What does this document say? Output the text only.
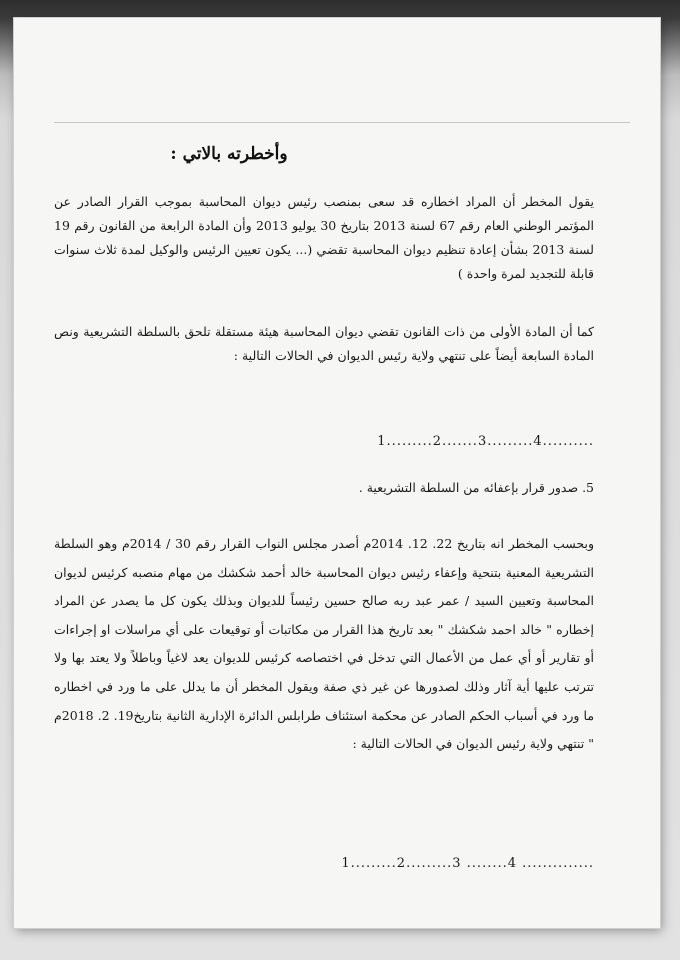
وأخطرته بالاتي :
يقول المخطر أن المراد اخطاره قد سعى بمنصب رئيس ديوان المحاسبة بموجب القرار الصادر عن المؤتمر الوطني العام رقم 67 لسنة 2013 بتاريخ 30 يوليو 2013 وأن المادة الرابعة من القانون رقم 19 لسنة 2013 بشأن إعادة تنظيم ديوان المحاسبة تقضي (... يكون تعيين الرئيس والوكيل لمدة ثلاث سنوات قابلة للتجديد لمرة واحدة )
كما أن المادة الأولى من ذات القانون تقضي ديوان المحاسبة هيئة مستقلة تلحق بالسلطة التشريعية ونص المادة السابعة أيضاً على تنتهي ولاية رئيس الديوان في الحالات التالية :
1.........2.......3.........4..........
5. صدور قرار بإعفائه من السلطة التشريعية .
وبحسب المخطر انه بتاريخ 22. 12. 2014م أصدر مجلس النواب القرار رقم 30 / 2014م وهو السلطة التشريعية المعنية بتنحية وإعفاء رئيس ديوان المحاسبة خالد أحمد شكشك من مهام منصبه كرئيس لديوان المحاسبة وتعيين السيد / عمر عبد ربه صالح حسين رئيساً للديوان وبذلك يكون كل ما يصدر عن المراد إخطاره " خالد احمد شكشك " بعد تاريخ هذا القرار من مكاتبات أو توقيعات على أي مراسلات او إجراءات أو تقارير أو أي عمل من الأعمال التي تدخل في اختصاصه كرئيس للديوان يعد لاغياً وباطلاً ولا يعتد بها ولا تترتب عليها أية آثار وذلك لصدورها عن غير ذي صفة ويقول المخطر أن ما يدلل على ما ورد في اخطاره ما ورد في أسباب الحكم الصادر عن محكمة استئناف طرابلس الدائرة الإدارية الثانية بتاريخ19. 2. 2018م " تنتهي ولاية رئيس الديوان في الحالات التالية :
1.........2.........3 ........4 ..............
